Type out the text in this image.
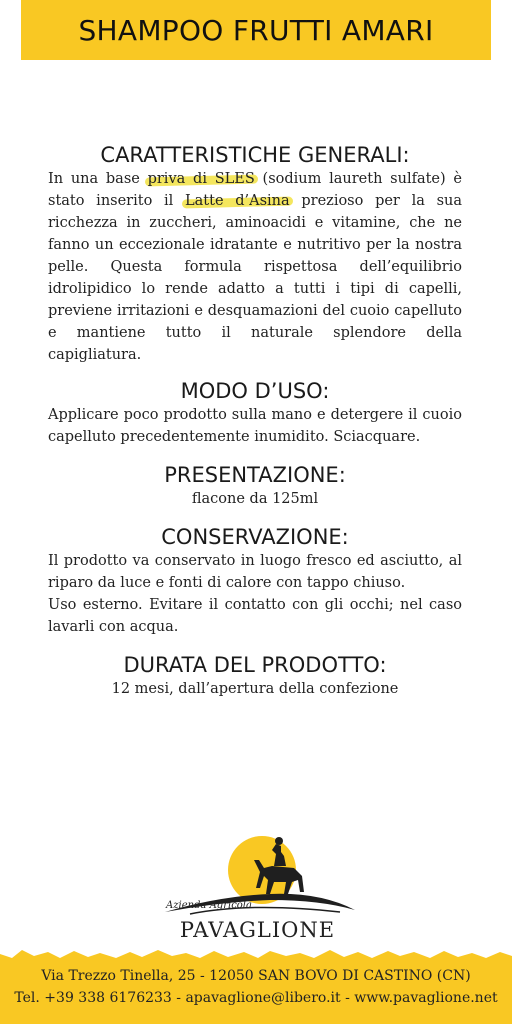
SHAMPOO FRUTTI AMARI
CARATTERISTICHE GENERALI:

In una base priva di SLES (sodium laureth sulfate) è stato inserito il Latte d’Asina prezioso per la sua ricchezza in zuccheri, aminoacidi e vitamine, che ne fanno un eccezionale idratante e nutritivo per la nostra pelle. Questa formula rispettosa dell’equilibrio idrolipidico lo rende adatto a tutti i tipi di capelli, previene irritazioni e desquamazioni del cuoio capelluto e mantiene tutto il naturale splendore della capigliatura.

MODO D’USO:

Applicare poco prodotto sulla mano e detergere il cuoio capelluto precedentemente inumidito. Sciacquare.

PRESENTAZIONE:

flacone da 125ml

CONSERVAZIONE:

Il prodotto va conservato in luogo fresco ed asciutto, al riparo da luce e fonti di calore con tappo chiuso.

Uso esterno. Evitare il contatto con gli occhi; nel caso lavarli con acqua.

DURATA DEL PRODOTTO:

12 mesi, dall’apertura della confezione

Azienda Agricola
PAVAGLIONE
Via Trezzo Tinella, 25 - 12050 SAN BOVO DI CASTINO (CN)
Tel. +39 338 6176233 - apavaglione@libero.it - www.pavaglione.net
